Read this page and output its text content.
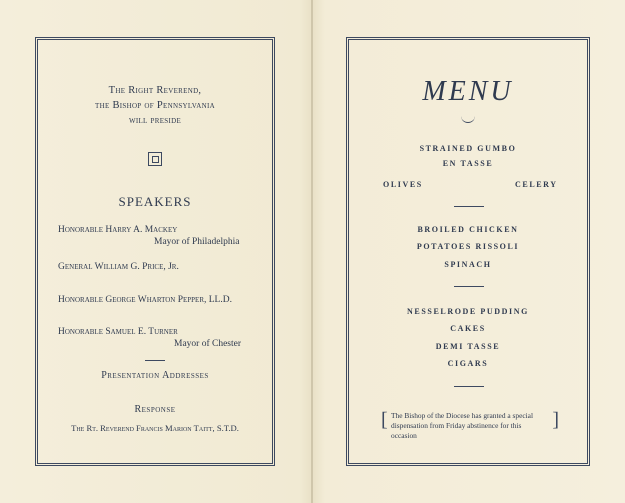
The Right Reverend,
the Bishop of Pennsylvania
will preside
SPEAKERS
Honorable Harry A. Mackey
Mayor of Philadelphia
General William G. Price, Jr.
Honorable George Wharton Pepper, LL.D.
Honorable Samuel E. Turner
Mayor of Chester
Presentation Addresses
Response
The Rt. Reverend Francis Marion Taitt, S.T.D.
MENU
STRAINED GUMBO
EN TASSE
OLIVES	CELERY
BROILED CHICKEN
POTATOES RISSOLI
SPINACH
NESSELRODE PUDDING
CAKES
DEMI TASSE
CIGARS
[ The Bishop of the Diocese has granted a special dispensation from Friday abstinence for this occasion ]
